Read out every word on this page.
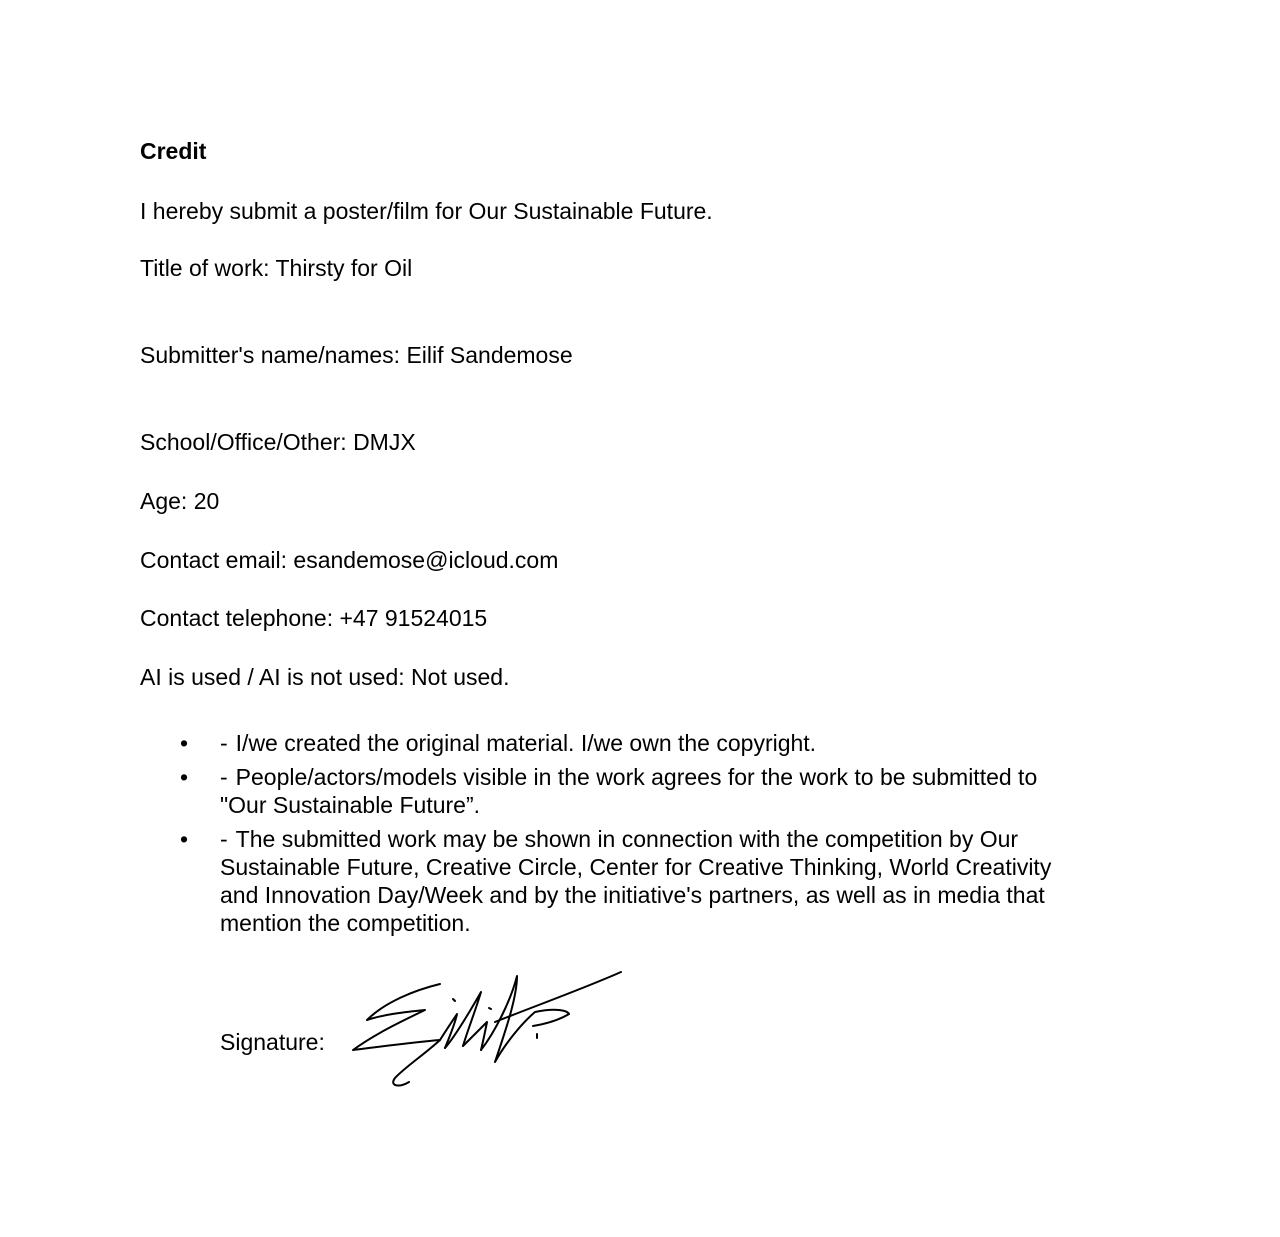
Credit
I hereby submit a poster/film for Our Sustainable Future.
Title of work: Thirsty for Oil
Submitter's name/names: Eilif Sandemose
School/Office/Other: DMJX
Age: 20
Contact email: esandemose@icloud.com
Contact telephone: +47 91524015
AI is used / AI is not used: Not used.
• - I/we created the original material. I/we own the copyright.
• - People/actors/models visible in the work agrees for the work to be submitted to "Our Sustainable Future”.
• - The submitted work may be shown in connection with the competition by Our Sustainable Future, Creative Circle, Center for Creative Thinking, World Creativity and Innovation Day/Week and by the initiative's partners, as well as in media that mention the competition.
Signature:
